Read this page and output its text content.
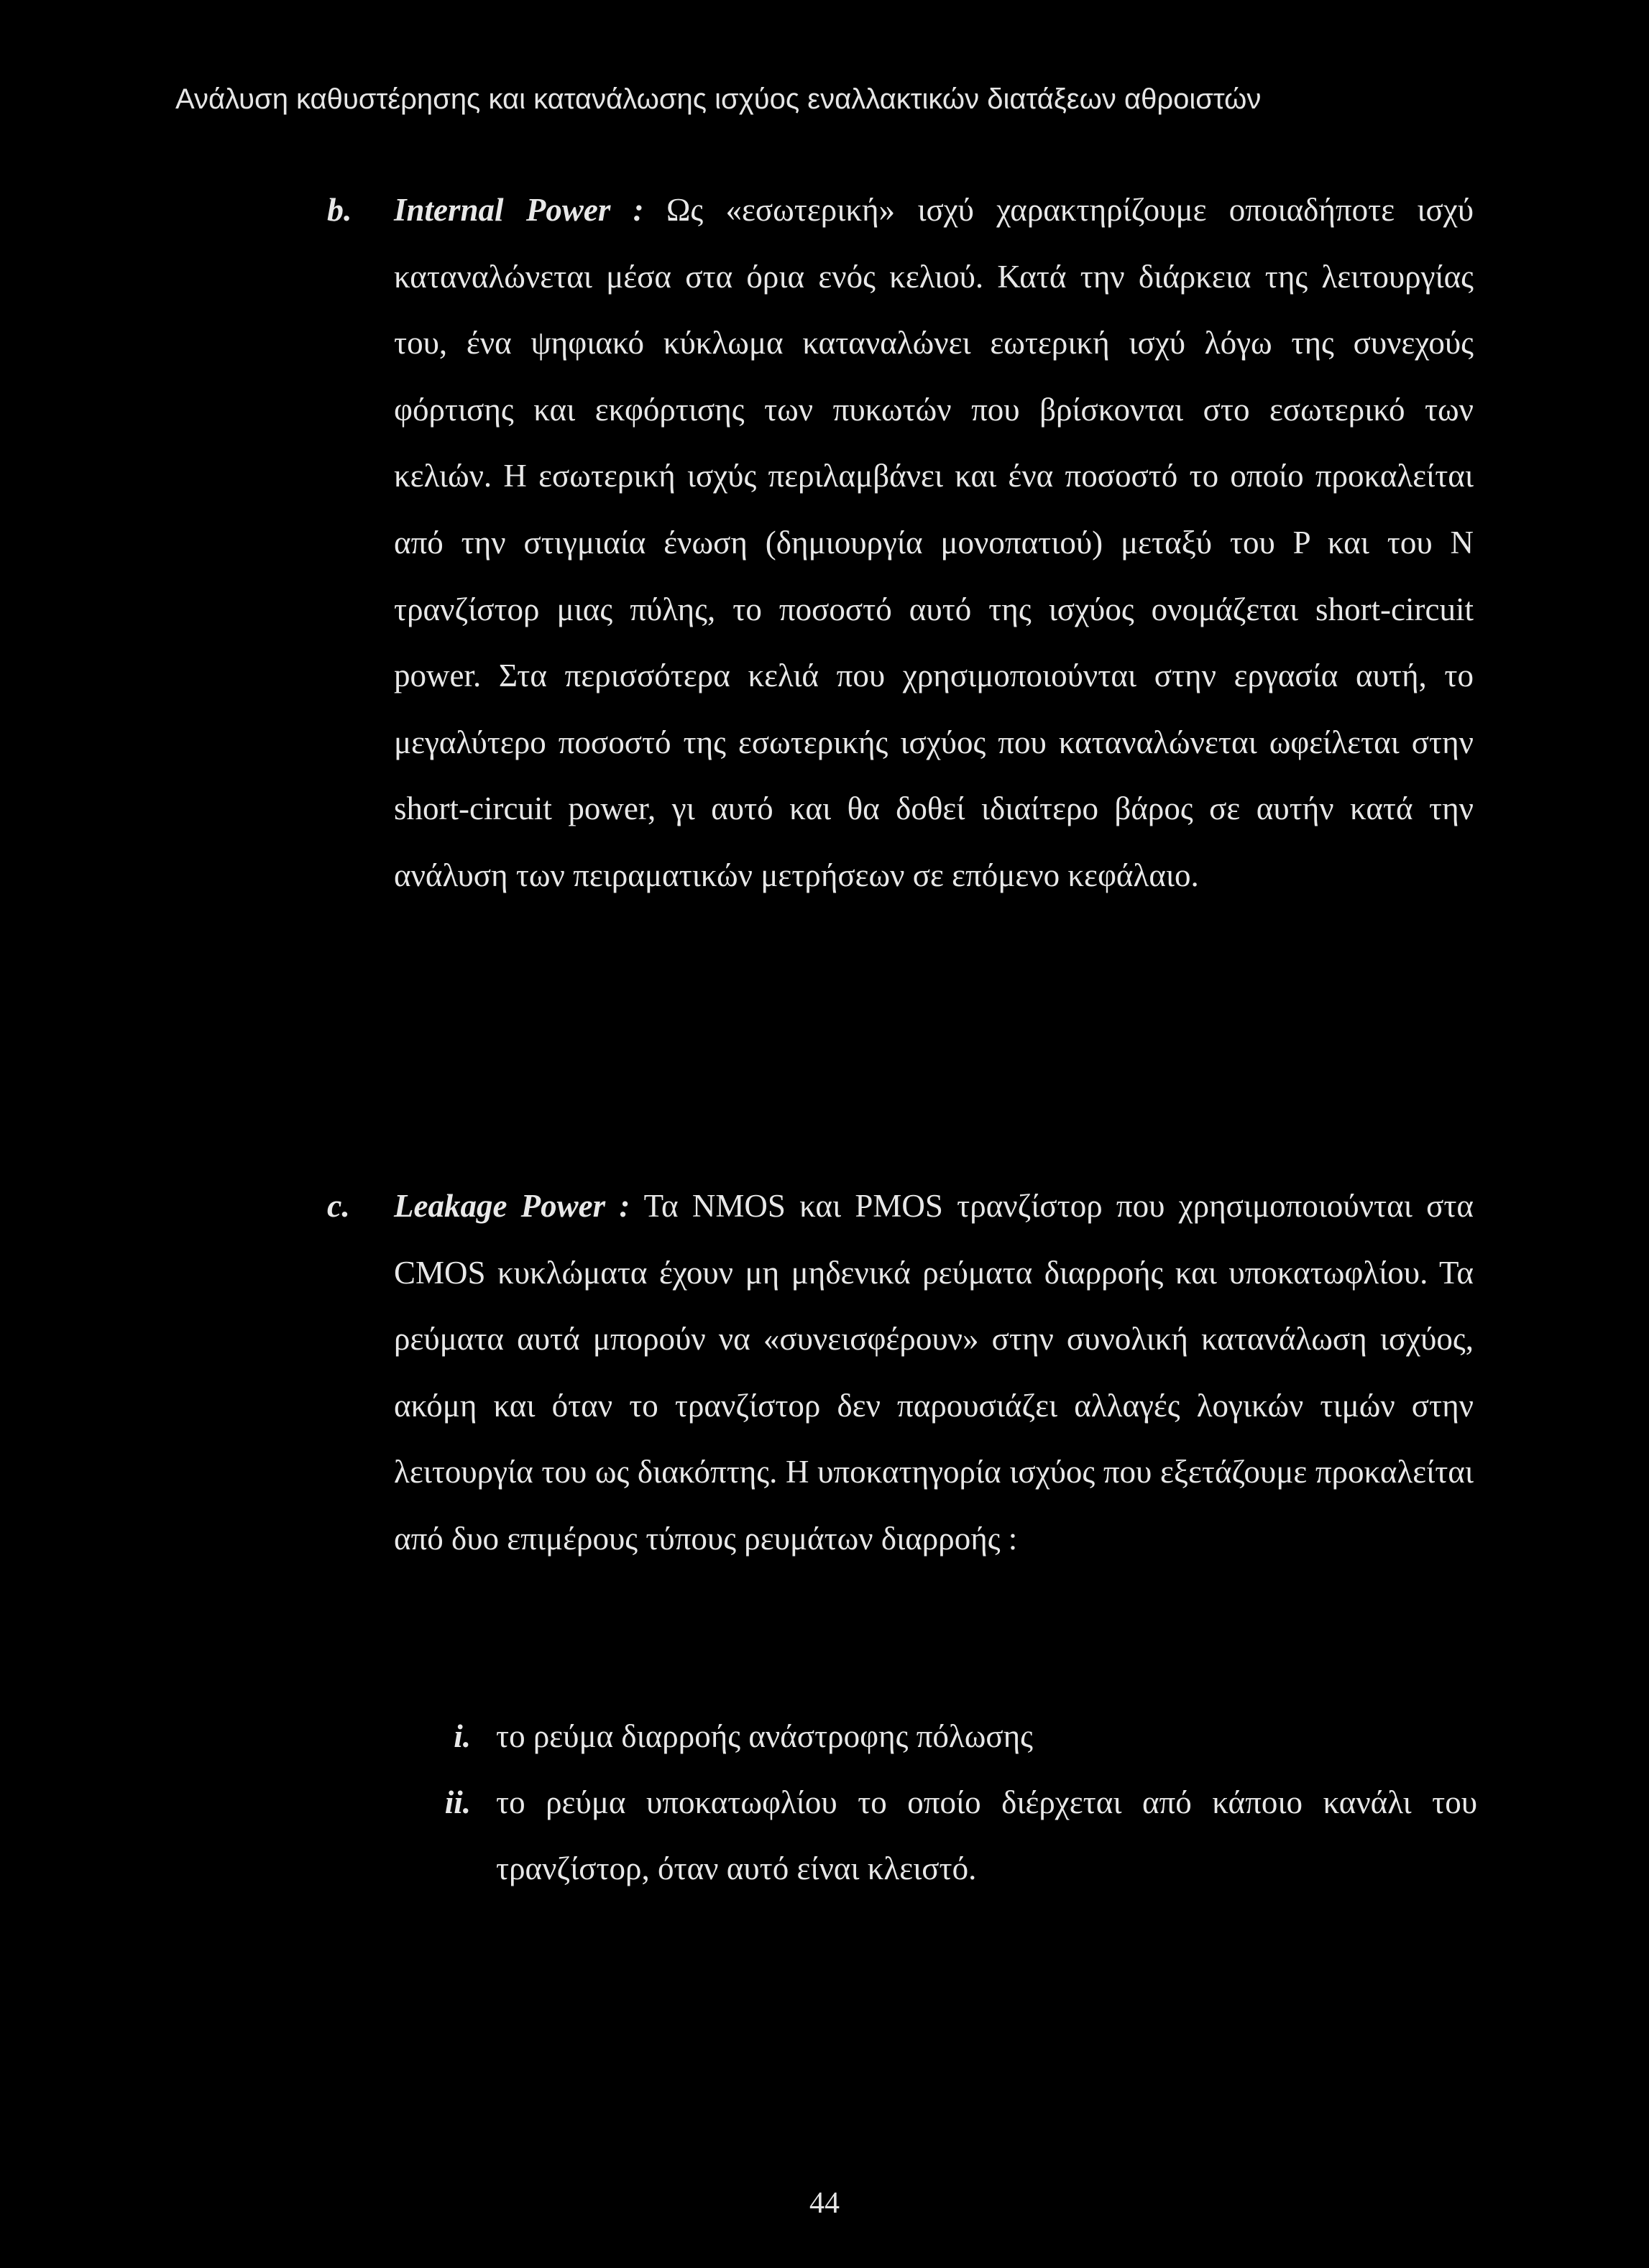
Ανάλυση καθυστέρησης και κατανάλωσης ισχύος εναλλακτικών διατάξεων αθροιστών
b. Internal Power : Ως «εσωτερική» ισχύ χαρακτηρίζουμε οποιαδήποτε ισχύ καταναλώνεται μέσα στα όρια ενός κελιού. Κατά την διάρκεια της λειτουργίας του, ένα ψηφιακό κύκλωμα καταναλώνει εωτερική ισχύ λόγω της συνεχούς φόρτισης και εκφόρτισης των πυκωτών που βρίσκονται στο εσωτερικό των κελιών. Η εσωτερική ισχύς περιλαμβάνει και ένα ποσοστό το οποίο προκαλείται από την στιγμιαία ένωση (δημιουργία μονοπατιού) μεταξύ του P και του N τρανζίστορ μιας πύλης, το ποσοστό αυτό της ισχύος ονομάζεται short-circuit power. Στα περισσότερα κελιά που χρησιμοποιούνται στην εργασία αυτή, το μεγαλύτερο ποσοστό της εσωτερικής ισχύος που καταναλώνεται ωφείλεται στην short-circuit power, γι αυτό και θα δοθεί ιδιαίτερο βάρος σε αυτήν κατά την ανάλυση των πειραματικών μετρήσεων σε επόμενο κεφάλαιο.
c. Leakage Power : Τα NMOS και PMOS τρανζίστορ που χρησιμοποιούνται στα CMOS κυκλώματα έχουν μη μηδενικά ρεύματα διαρροής και υποκατωφλίου. Τα ρεύματα αυτά μπορούν να «συνεισφέρουν» στην συνολική κατανάλωση ισχύος, ακόμη και όταν το τρανζίστορ δεν παρουσιάζει αλλαγές λογικών τιμών στην λειτουργία του ως διακόπτης. Η υποκατηγορία ισχύος που εξετάζουμε προκαλείται από δυο επιμέρους τύπους ρευμάτων διαρροής :
i. το ρεύμα διαρροής ανάστροφης πόλωσης
ii. το ρεύμα υποκατωφλίου το οποίο διέρχεται από κάποιο κανάλι του τρανζίστορ, όταν αυτό είναι κλειστό.
44
